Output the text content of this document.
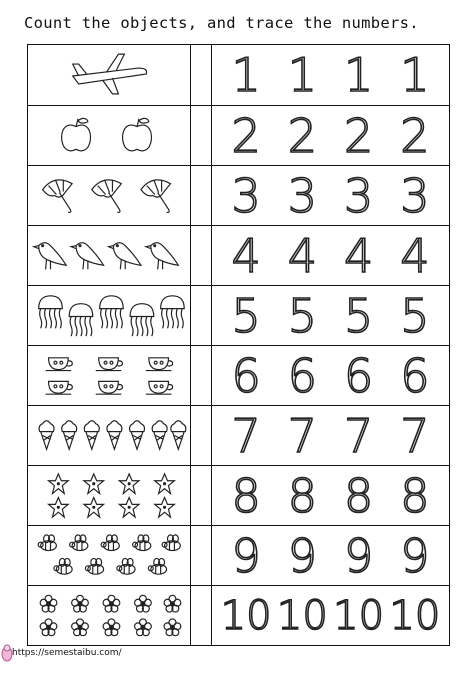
Count the objects, and trace the numbers.
1 1 1 1
2 2 2 2
3 3 3 3
4 4 4 4
5 5 5 5
6 6 6 6
7 7 7 7
8 8 8 8
9 9 9 9
10 10 10 10
https://semestaibu.com/
